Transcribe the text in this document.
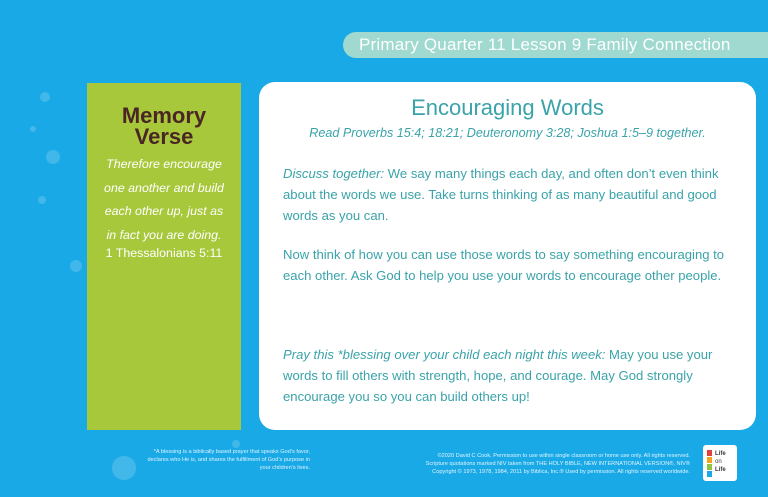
Primary Quarter 11 Lesson 9 Family Connection
Memory
Verse
Therefore encourage
one another and build
each other up, just as
in fact you are doing.
1 Thessalonians 5:11
Encouraging Words
Read Proverbs 15:4; 18:21; Deuteronomy 3:28; Joshua 1:5–9 together.
Discuss together: We say many things each day, and often don’t even think about the words we use. Take turns thinking of as many beautiful and good words as you can.
Now think of how you can use those words to say something encouraging to each other. Ask God to help you use your words to encourage other people.
Pray this *blessing over your child each night this week: May you use your words to fill others with strength, hope, and courage. May God strongly encourage you so you can build others up!
*A blessing is a biblically based prayer that speaks God’s favor, declares who He is, and shares the fulfillment of God’s purpose in your children’s lives.
©2020 David C Cook. Permission to use within single classroom or home use only. All rights reserved.
Scripture quotations marked NIV taken from THE HOLY BIBLE, NEW INTERNATIONAL VERSION®, NIV®
Copyright © 1973, 1978, 1984, 2011 by Biblica, Inc.® Used by permission. All rights reserved worldwide.
Life
on
Life
